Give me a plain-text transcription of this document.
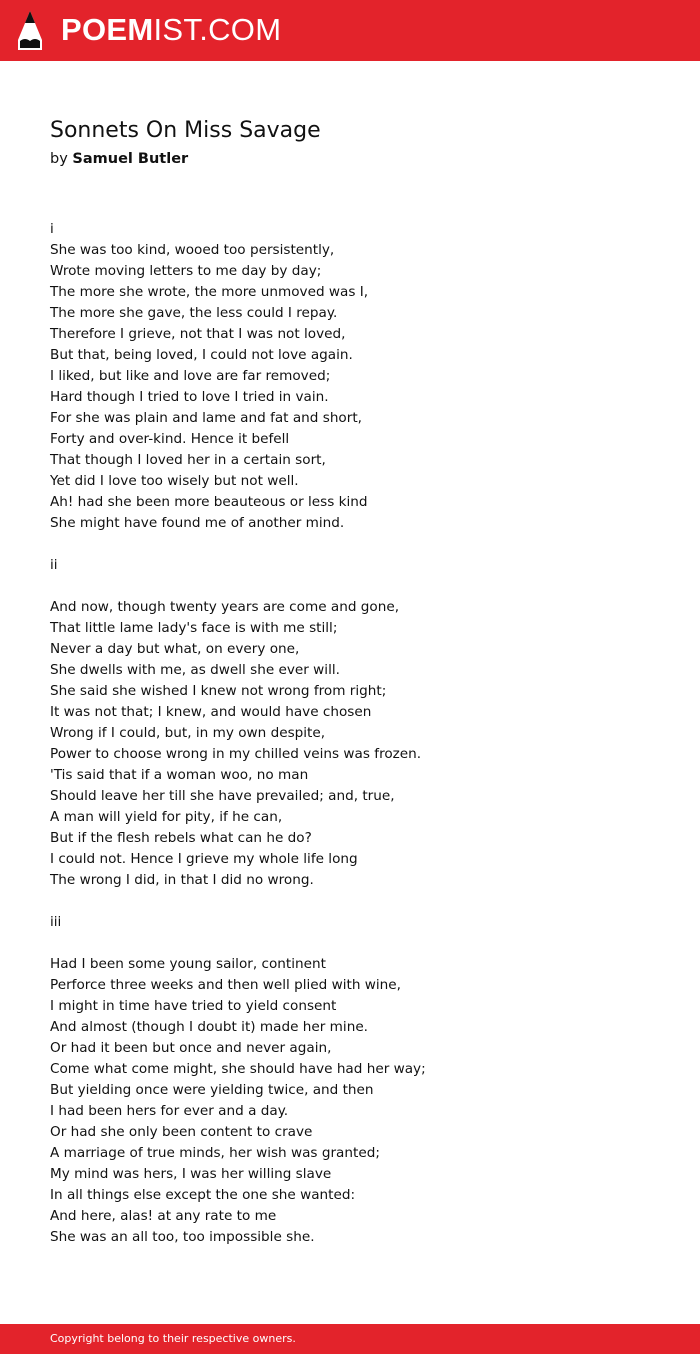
POEMIST.COM
Sonnets On Miss Savage
by Samuel Butler
i
She was too kind, wooed too persistently,
Wrote moving letters to me day by day;
The more she wrote, the more unmoved was I,
The more she gave, the less could I repay.
Therefore I grieve, not that I was not loved,
But that, being loved, I could not love again.
I liked, but like and love are far removed;
Hard though I tried to love I tried in vain.
For she was plain and lame and fat and short,
Forty and over-kind. Hence it befell
That though I loved her in a certain sort,
Yet did I love too wisely but not well.
Ah! had she been more beauteous or less kind
She might have found me of another mind.
ii
And now, though twenty years are come and gone,
That little lame lady's face is with me still;
Never a day but what, on every one,
She dwells with me, as dwell she ever will.
She said she wished I knew not wrong from right;
It was not that; I knew, and would have chosen
Wrong if I could, but, in my own despite,
Power to choose wrong in my chilled veins was frozen.
'Tis said that if a woman woo, no man
Should leave her till she have prevailed; and, true,
A man will yield for pity, if he can,
But if the flesh rebels what can he do?
I could not. Hence I grieve my whole life long
The wrong I did, in that I did no wrong.
iii
Had I been some young sailor, continent
Perforce three weeks and then well plied with wine,
I might in time have tried to yield consent
And almost (though I doubt it) made her mine.
Or had it been but once and never again,
Come what come might, she should have had her way;
But yielding once were yielding twice, and then
I had been hers for ever and a day.
Or had she only been content to crave
A marriage of true minds, her wish was granted;
My mind was hers, I was her willing slave
In all things else except the one she wanted:
And here, alas! at any rate to me
She was an all too, too impossible she.
Copyright belong to their respective owners.
